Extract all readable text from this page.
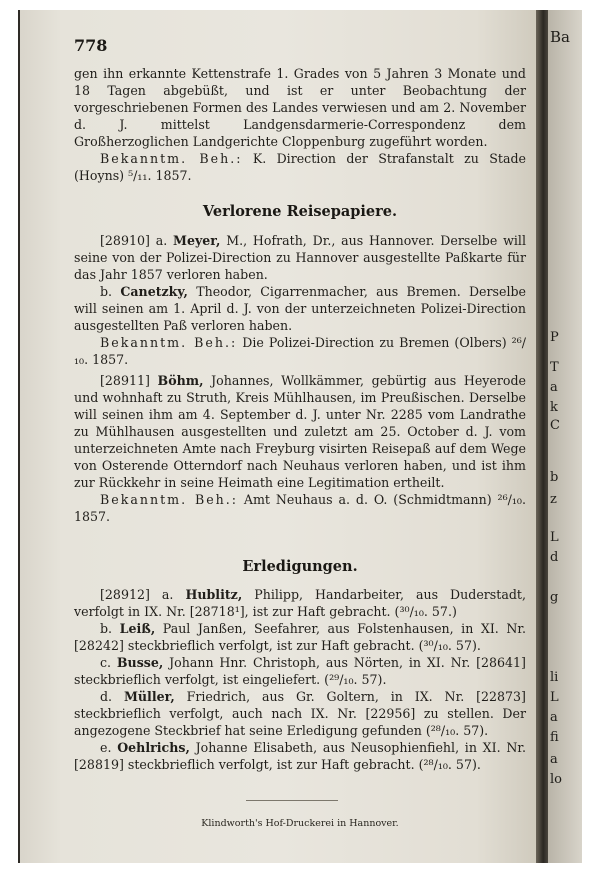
778

gen ihn erkannte Kettenstrafe 1. Grades von 5 Jahren 3 Monate und 18 Tagen abgebüßt, und ist er unter Beobachtung der vorgeschriebenen Formen des Landes verwiesen und am 2. November d. J. mittelst Landgensdarmerie-Correspondenz dem Großherzoglichen Landgerichte Cloppenburg zugeführt worden.

Bekanntm. Beh.: K. Direction der Strafanstalt zu Stade (Hoyns) ⁵/₁₁. 1857.

Verlorene Reisepapiere.

[28910] a. Meyer, M., Hofrath, Dr., aus Hannover. Derselbe will seine von der Polizei-Direction zu Hannover ausgestellte Paßkarte für das Jahr 1857 verloren haben.

b. Canetzky, Theodor, Cigarrenmacher, aus Bremen. Derselbe will seinen am 1. April d. J. von der unterzeichneten Polizei-Direction ausgestellten Paß verloren haben.

Bekanntm. Beh.: Die Polizei-Direction zu Bremen (Olbers) ²⁶/₁₀. 1857.

[28911] Böhm, Johannes, Wollkämmer, gebürtig aus Heyerode und wohnhaft zu Struth, Kreis Mühlhausen, im Preußischen. Derselbe will seinen ihm am 4. September d. J. unter Nr. 2285 vom Landrathe zu Mühlhausen ausgestellten und zuletzt am 25. October d. J. vom unterzeichneten Amte nach Freyburg visirten Reisepaß auf dem Wege von Osterende Otterndorf nach Neuhaus verloren haben, und ist ihm zur Rückkehr in seine Heimath eine Legitimation ertheilt.

Bekanntm. Beh.: Amt Neuhaus a. d. O. (Schmidtmann) ²⁶/₁₀. 1857.

Erledigungen.

[28912] a. Hublitz, Philipp, Handarbeiter, aus Duderstadt, verfolgt in IX. Nr. [28718¹], ist zur Haft gebracht. (³⁰/₁₀. 57.)

b. Leiß, Paul Janßen, Seefahrer, aus Folstenhausen, in XI. Nr. [28242] steckbrieflich verfolgt, ist zur Haft gebracht. (³⁰/₁₀. 57).

c. Busse, Johann Hnr. Christoph, aus Nörten, in XI. Nr. [28641] steckbrieflich verfolgt, ist eingeliefert. (²⁹/₁₀. 57).

d. Müller, Friedrich, aus Gr. Goltern, in IX. Nr. [22873] steckbrieflich verfolgt, auch nach IX. Nr. [22956] zu stellen. Der angezogene Steckbrief hat seine Erledigung gefunden (²⁸/₁₀. 57).

e. Oehlrichs, Johanne Elisabeth, aus Neusophienfiehl, in XI. Nr. [28819] steckbrieflich verfolgt, ist zur Haft gebracht. (²⁸/₁₀. 57).

Klindworth's Hof-Druckerei in Hannover.
Ba
P
T
a
k
C
b
z
L
d
g
li
L
a
fi
a
lo
